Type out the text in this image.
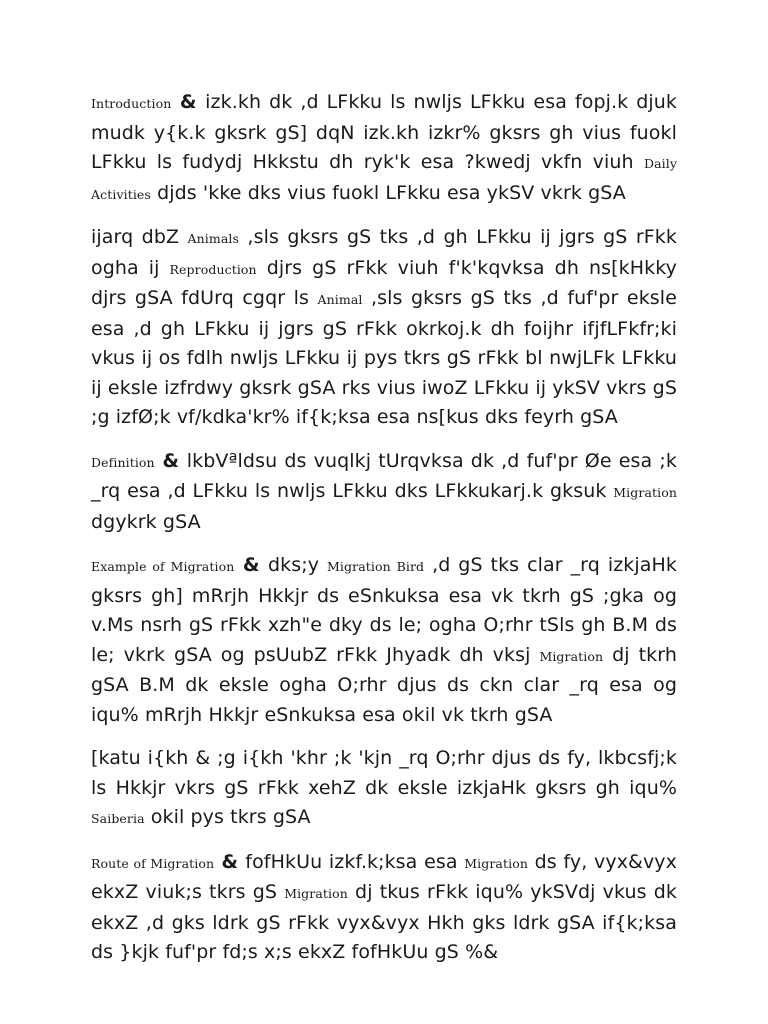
Introduction & izk.kh dk ,d LFkku ls nwljs LFkku esa fopj.k djuk mudk y{k.k gksrk gS] dqN izk.kh izkr% gksrs gh vius fuokl LFkku ls fudydj Hkkstu dh ryk'k esa ?kwedj vkfn viuh Daily Activities djds 'kke dks vius fuokl LFkku esa ykSV vkrk gSA

ijarq dbZ Animals ,sls gksrs gS tks ,d gh LFkku ij jgrs gS rFkk ogha ij Reproduction djrs gS rFkk viuh f'k'kqvksa dh ns[kHkky djrs gSA fdUrq cgqr ls Animal ,sls gksrs gS tks ,d fuf'pr eksle esa ,d gh LFkku ij jgrs gS rFkk okrkoj.k dh foijhr ifjfLFkfr;ki vkus ij os fdlh nwljs LFkku ij pys tkrs gS rFkk bl nwjLFk LFkku ij eksle izfrdwy gksrk gSA rks vius iwoZ LFkku ij ykSV vkrs gS ;g izfØ;k vf/kdka'kr% if{k;ksa esa ns[kus dks feyrh gSA

Definition & lkbVªldsu ds vuqlkj tUrqvksa dk ,d fuf'pr Øe esa ;k _rq esa ,d LFkku ls nwljs LFkku dks LFkkukarj.k gksuk Migration dgykrk gSA

Example of Migration & dks;y Migration Bird ,d gS tks clar _rq izkjaHk gksrs gh] mRrjh Hkkjr ds eSnkuksa esa vk tkrh gS ;gka og v.Ms nsrh gS rFkk xzh"e dky ds le; ogha O;rhr tSls gh B.M ds le; vkrk gSA og psUubZ rFkk Jhyadk dh vksj Migration dj tkrh gSA B.M dk eksle ogha O;rhr djus ds ckn clar _rq esa og iqu% mRrjh Hkkjr eSnkuksa esa okil vk tkrh gSA

[katu i{kh & ;g i{kh 'khr ;k 'kjn _rq O;rhr djus ds fy, lkbcsfj;k ls Hkkjr vkrs gS rFkk xehZ dk eksle izkjaHk gksrs gh iqu% Saiberia okil pys tkrs gSA

Route of Migration & fofHkUu izkf.k;ksa esa Migration ds fy, vyx&vyx ekxZ viuk;s tkrs gS Migration dj tkus rFkk iqu% ykSVdj vkus dk ekxZ ,d gks ldrk gS rFkk vyx&vyx Hkh gks ldrk gSA if{k;ksa ds }kjk fuf'pr fd;s x;s ekxZ fofHkUu gS %&
